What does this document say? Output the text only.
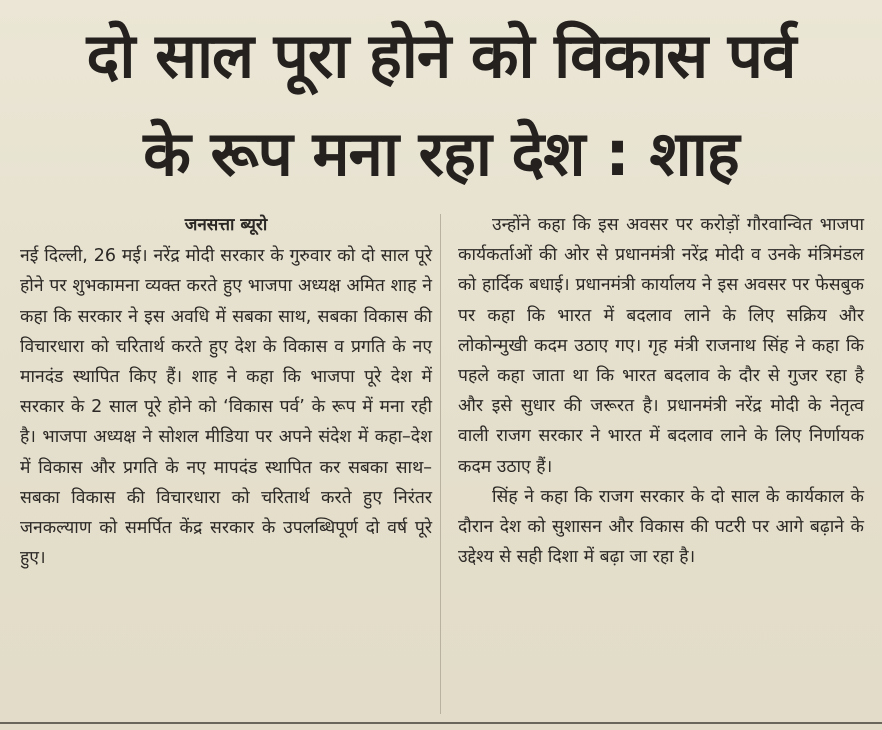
दो साल पूरा होने को विकास पर्व
के रूप मना रहा देश : शाह
जनसत्ता ब्यूरो

नई दिल्ली, 26 मई। नरेंद्र मोदी सरकार के गुरुवार को दो साल पूरे होने पर शुभकामना व्यक्त करते हुए भाजपा अध्यक्ष अमित शाह ने कहा कि सरकार ने इस अवधि में सबका साथ, सबका विकास की विचारधारा को चरितार्थ करते हुए देश के विकास व प्रगति के नए मानदंड स्थापित किए हैं। शाह ने कहा कि भाजपा पूरे देश में सरकार के 2 साल पूरे होने को ‘विकास पर्व’ के रूप में मना रही है। भाजपा अध्यक्ष ने सोशल मीडिया पर अपने संदेश में कहा–देश में विकास और प्रगति के नए मापदंड स्थापित कर सबका साथ–सबका विकास की विचारधारा को चरितार्थ करते हुए निरंतर जनकल्याण को समर्पित केंद्र सरकार के उपलब्धिपूर्ण दो वर्ष पूरे हुए।

उन्होंने कहा कि इस अवसर पर करोड़ों गौरवान्वित भाजपा कार्यकर्ताओं की ओर से प्रधानमंत्री नरेंद्र मोदी व उनके मंत्रिमंडल को हार्दिक बधाई। प्रधानमंत्री कार्यालय ने इस अवसर पर फेसबुक पर कहा कि भारत में बदलाव लाने के लिए सक्रिय और लोकोन्मुखी कदम उठाए गए। गृह मंत्री राजनाथ सिंह ने कहा कि पहले कहा जाता था कि भारत बदलाव के दौर से गुजर रहा है और इसे सुधार की जरूरत है। प्रधानमंत्री नरेंद्र मोदी के नेतृत्व वाली राजग सरकार ने भारत में बदलाव लाने के लिए निर्णायक कदम उठाए हैं।

सिंह ने कहा कि राजग सरकार के दो साल के कार्यकाल के दौरान देश को सुशासन और विकास की पटरी पर आगे बढ़ाने के उद्देश्य से सही दिशा में बढ़ा जा रहा है।
